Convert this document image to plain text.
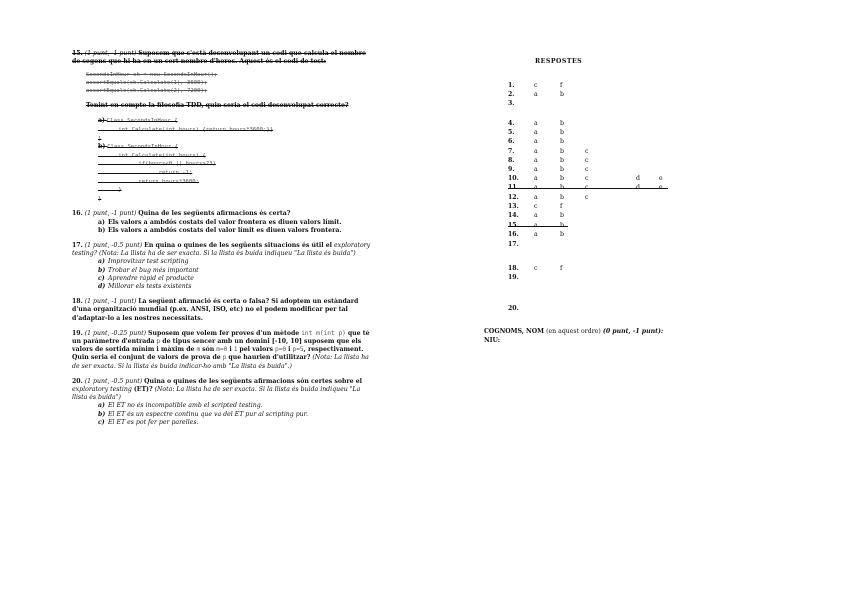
15. (1 punt, -1 punt) Suposem que s'està desenvolupant un codi que calcula el nombre de segons que hi ha en un cert nombre d'hores. Aquest és el codi de test:
SecondsInHour sh = new SecondsInHour();
assertEquals(sh.Calculate(1), 3600);
assertEquals(sh.Calculate(2), 7200);
Tenint en compte la filosofia TDD, quin seria el codi desenvolupat correcte?
a) Class SecondsInHour {
int Calculate(int hours) {return hours*3600;}}
}
b) Class SecondsInHour {
int Calculate(int hours) {
if(hours<0 || hours>23)
return -1;
return hours*3600;
}
}
16. (1 punt, -1 punt) Quina de les següents afirmacions és certa?
a) Els valors a ambdós costats del valor frontera es diuen valors límit.
b) Els valors a ambdós costats del valor límit es diuen valors frontera.
17. (1 punt, -0.5 punt) En quina o quines de les següents situacions és útil el exploratory testing? (Nota: La llista ha de ser exacta. Si la llista és buida indiqueu "La llista és buida")
a) Improvitzar test scripting
b) Trobar el bug més important
c) Aprendre ràpid el producte
d) Millorar els tests existents
18. (1 punt, -1 punt) La següent afirmació és certa o falsa? Si adoptem un estàndard d'una organització mundial (p.ex. ANSI, ISO, etc) no el podem modificar per tal d'adaptar-lo a les nostres necessitats.
19. (1 punt, -0.25 punt) Suposem que volem fer proves d'un mètode int m(int p) que té un paràmetre d'entrada p de tipus sencer amb un domini [-10, 10] suposem que els valors de sortida mínim i màxim de m són m=0 i 1 pel valors p=0 i p=5, respectivament. Quin seria el conjunt de valors de prova de p que haurien d'utilitzar? (Nota: La llista ha de ser exacta. Si la llista és buida indicar-ho amb "La llista és buida".)
20. (1 punt, -0.5 punt) Quina o quines de les següents afirmacions són certes sobre el exploratory testing (ET)? (Nota: La llista ha de ser exacta. Si la llista és buida indiqueu "La llista és buida")
a) El ET no és incompatible amb el scripted testing.
b) El ET és un espectre continu que va del ET pur al scripting pur.
c) El ET es pot fer per parelles.
RESPOSTES
1.	c	f
2.	a	b
3.
4.	a	b
5.	a	b
6.	a	b
7.	a	b	c
8.	a	b	c
9.	a	b	c
10. a	b	c	d	e
11. a	b	c	d	e
12. a	b	c
13. c	f
14. a	b
15. a	b
16. a	b
17.
18. c	f
19.
20.
COGNOMS, NOM (en aquest ordre) (0 punt, -1 punt):
NIU:
